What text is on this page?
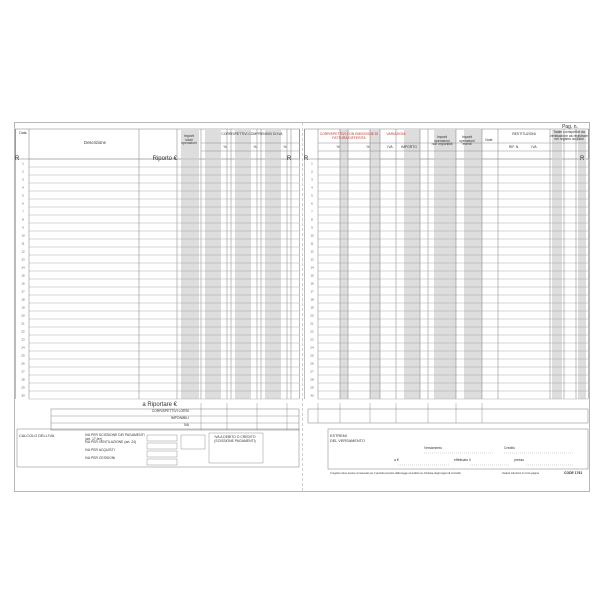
1
2
3
4
5
6
7
8
9
10
11
12
13
14
15
16
17
18
19
20
21
22
23
24
25
26
27
28
29
30
Data
Descrizione
Importi
totali
operazioni
CORRISPETTIVI COMPRENSIVI DI IVA
%	%	%
R	R
Riporto €
a Riportare €
CORRISPETTIVI LORDI
IMPONIBILI
IVA
CALCOLO DELL'IVA	IVA PER SCISSIONE DEI PAGAMENTI (art. 17-ter)
IVA PER VENTILAZIONE (art. 24)
IVA PER ACQUISTI
IVA PER CESSIONI
IVA A DEBITO O CREDITO
(SCISSIONE PAGAMENTI)
1
2
3
4
5
6
7
8
9
10
11
12
13
14
15
16
17
18
19
20
21
22
23
24
25
26
27
28
29
30
Pag. n.
CORRISPETTIVI CON EMISSIONE DI FATTURA DIFFERITA
VARIAZIONI
Importi
operazioni
non imponibili
Importi
operazioni
esenti
Note
RESTITUZIONI	Totale corrispettivi da ventilazione da registrare nel registro acquisti
%	%	IVA	IMPORTO	RIF. N.	IVA
R	R
ESTREMI
DEL VERSAMENTO
Versamento	Credito
a €	effettuato il	presso
Il registro deve essere conservato per il periodo previsto dalla legge ed esibito su richiesta degli organi di controllo	Vedere istruzioni in terza pagina	CODE 1761
